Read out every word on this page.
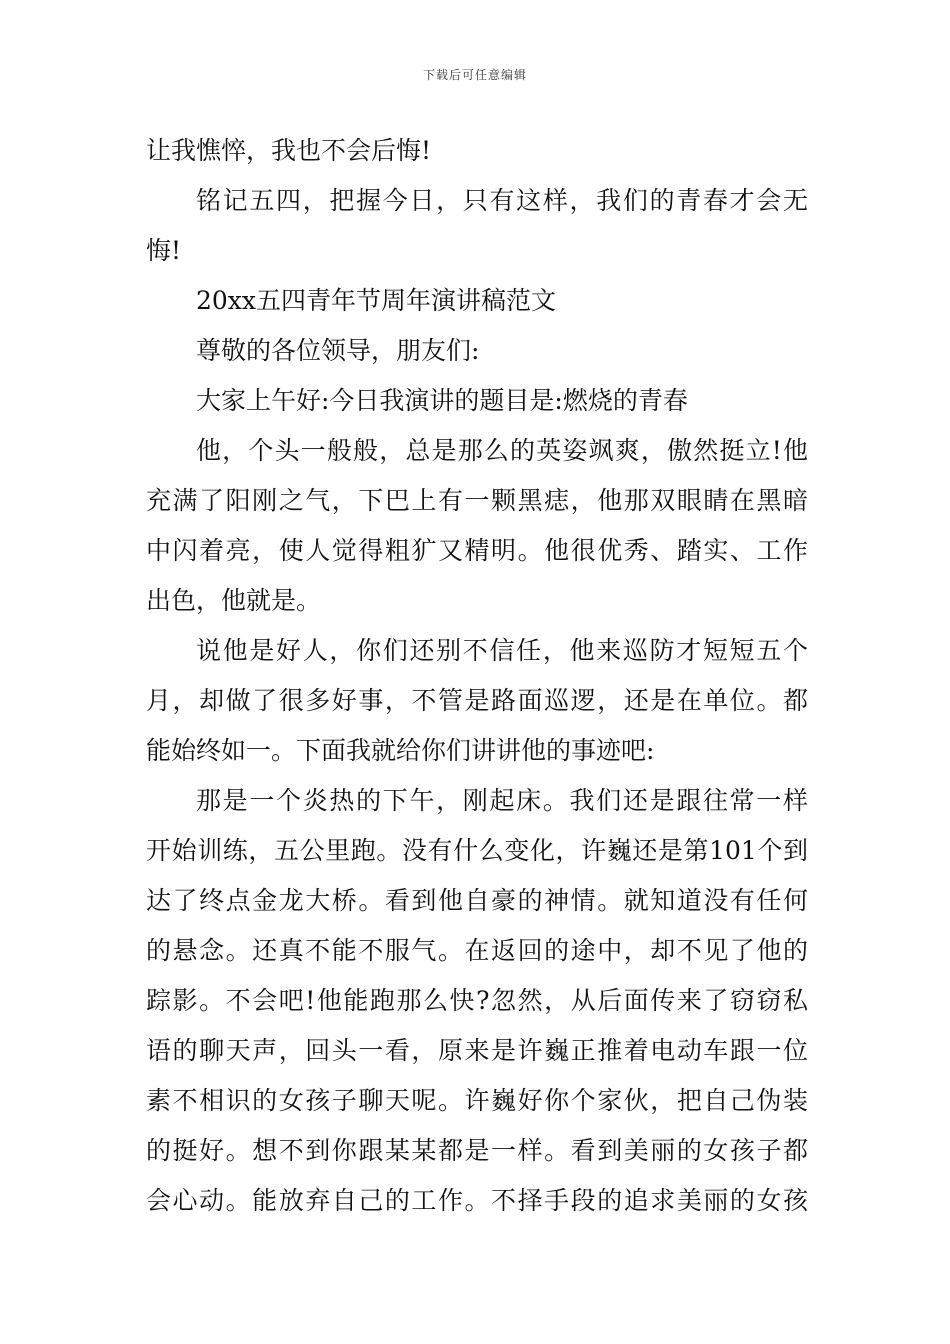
下载后可任意编辑
让我憔悴，我也不会后悔!
铭记五四，把握今日，只有这样，我们的青春才会无
悔!
20xx五四青年节周年演讲稿范文
尊敬的各位领导，朋友们:
大家上午好:今日我演讲的题目是:燃烧的青春
他，个头一般般，总是那么的英姿飒爽，傲然挺立!他
充满了阳刚之气，下巴上有一颗黑痣，他那双眼睛在黑暗
中闪着亮，使人觉得粗犷又精明。他很优秀、踏实、工作
出色，他就是。
说他是好人，你们还别不信任，他来巡防才短短五个
月，却做了很多好事，不管是路面巡逻，还是在单位。都
能始终如一。下面我就给你们讲讲他的事迹吧:
那是一个炎热的下午，刚起床。我们还是跟往常一样
开始训练，五公里跑。没有什么变化，许巍还是第101个到
达了终点金龙大桥。看到他自豪的神情。就知道没有任何
的悬念。还真不能不服气。在返回的途中，却不见了他的
踪影。不会吧!他能跑那么快?忽然，从后面传来了窃窃私
语的聊天声，回头一看，原来是许巍正推着电动车跟一位
素不相识的女孩子聊天呢。许巍好你个家伙，把自己伪装
的挺好。想不到你跟某某都是一样。看到美丽的女孩子都
会心动。能放弃自己的工作。不择手段的追求美丽的女孩
